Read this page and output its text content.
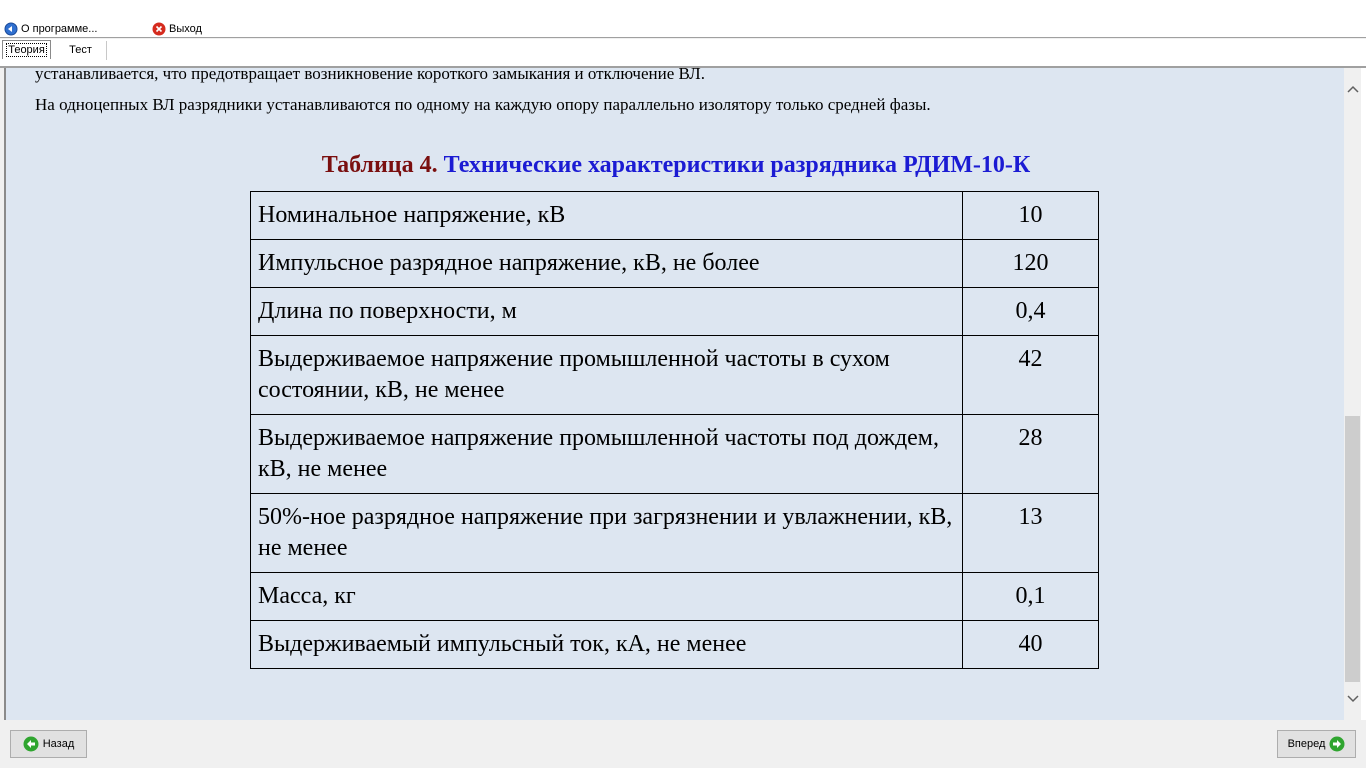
О программе...	Выход
Теория	Тест
устанавливается, что предотвращает возникновение короткого замыкания и отключение ВЛ.
На одноцепных ВЛ разрядники устанавливаются по одному на каждую опору параллельно изолятору только средней фазы.
Таблица 4. Технические характеристики разрядника РДИМ-10-К
Номинальное напряжение, кВ	10
Импульсное разрядное напряжение, кВ, не более	120
Длина по поверхности, м	0,4
Выдерживаемое напряжение промышленной частоты в сухом состоянии, кВ, не менее	42
Выдерживаемое напряжение промышленной частоты под дождем, кВ, не менее	28
50%-ное разрядное напряжение при загрязнении и увлажнении, кВ, не менее	13
Масса, кг	0,1
Выдерживаемый импульсный ток, кА, не менее	40
Назад	Вперед
